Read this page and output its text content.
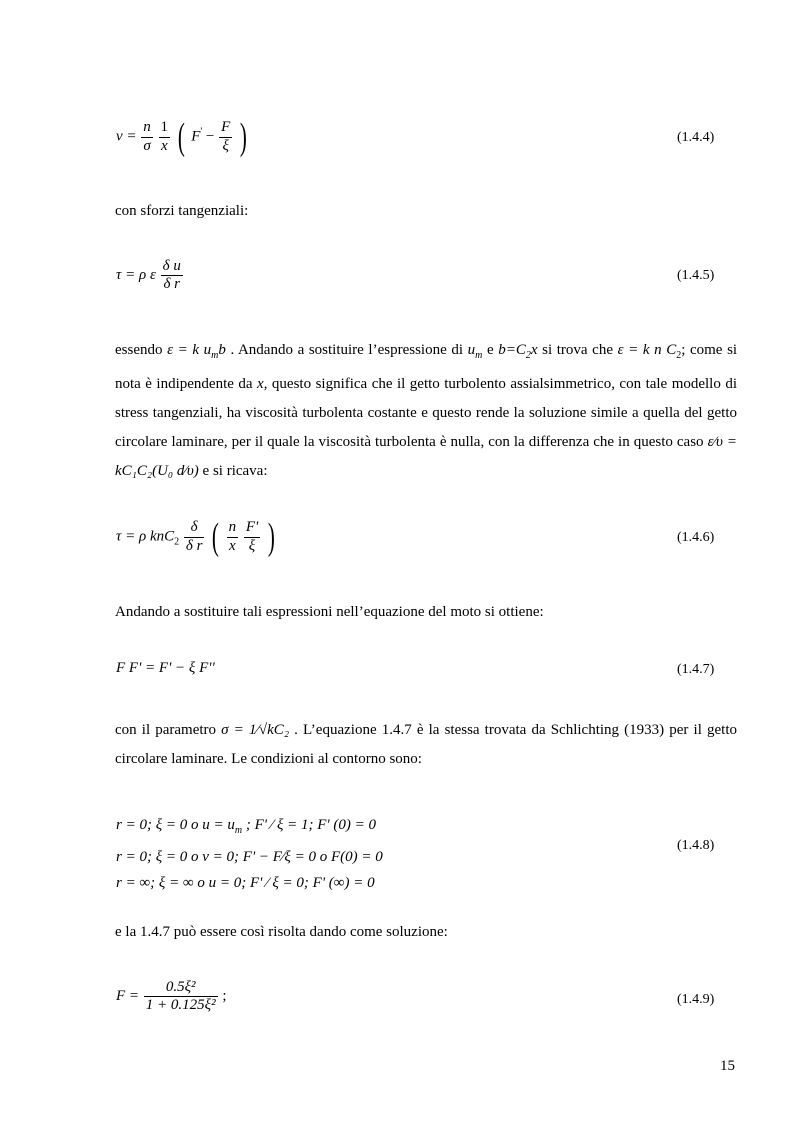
$v = \frac{n}{\sigma}$
$\frac{1}{x}$ ( $F' - \frac{F}{\xi}$ )	(1.4.4)
con sforzi tangenziali:
τ = ρ ε $\frac{\text{δ u}}{\text{δ r}}$	(1.4.5)
essendo ε = k $u_mb$ . Andando a sostituire l’espressione di $u_m$ e $b=C_2x$ si trova che ε = k n $C_2$; come si nota è indipendente da x, questo significa che il getto turbolento assialsimmetrico, con tale modello di stress tangenziali, ha viscosità turbolenta costante e questo rende la soluzione simile a quella del getto circolare laminare, per il quale la viscosità turbolenta è nulla, con la differenza che in questo caso ε⁄υ = kC₁C₂(U₀ d⁄υ) e si ricava:
τ = ρ $knC_2 \frac{\delta}{\text{δ r}}$ ( $\frac{n}{x}$
$\frac{F'}{\xi}$ )	(1.4.6)
Andando a sostituire tali espressioni nell’equazione del moto si ottiene:
F F' = F' − ξ F''	(1.4.7)
con il parametro σ = 1⁄√kC₂ . L’equazione 1.4.7 è la stessa trovata da Schlichting (1933) per il getto circolare laminare. Le condizioni al contorno sono:
r = 0; ξ = 0 o $u = u_m$ ; F' ⁄ ξ = 1; F' (0) = 0
r = 0; ξ = 0 o v = 0; F' − F⁄ξ = 0 o F(0) = 0
r = ∞; ξ = ∞ o u = 0; F' ⁄ ξ = 0; F' (∞) = 0
(1.4.8)
e la 1.4.7 può essere così risolta dando come soluzione:
$F = \frac{\text{0.5ξ²}}{\text{1 + 0.125ξ²}}$ ;	(1.4.9)
15
